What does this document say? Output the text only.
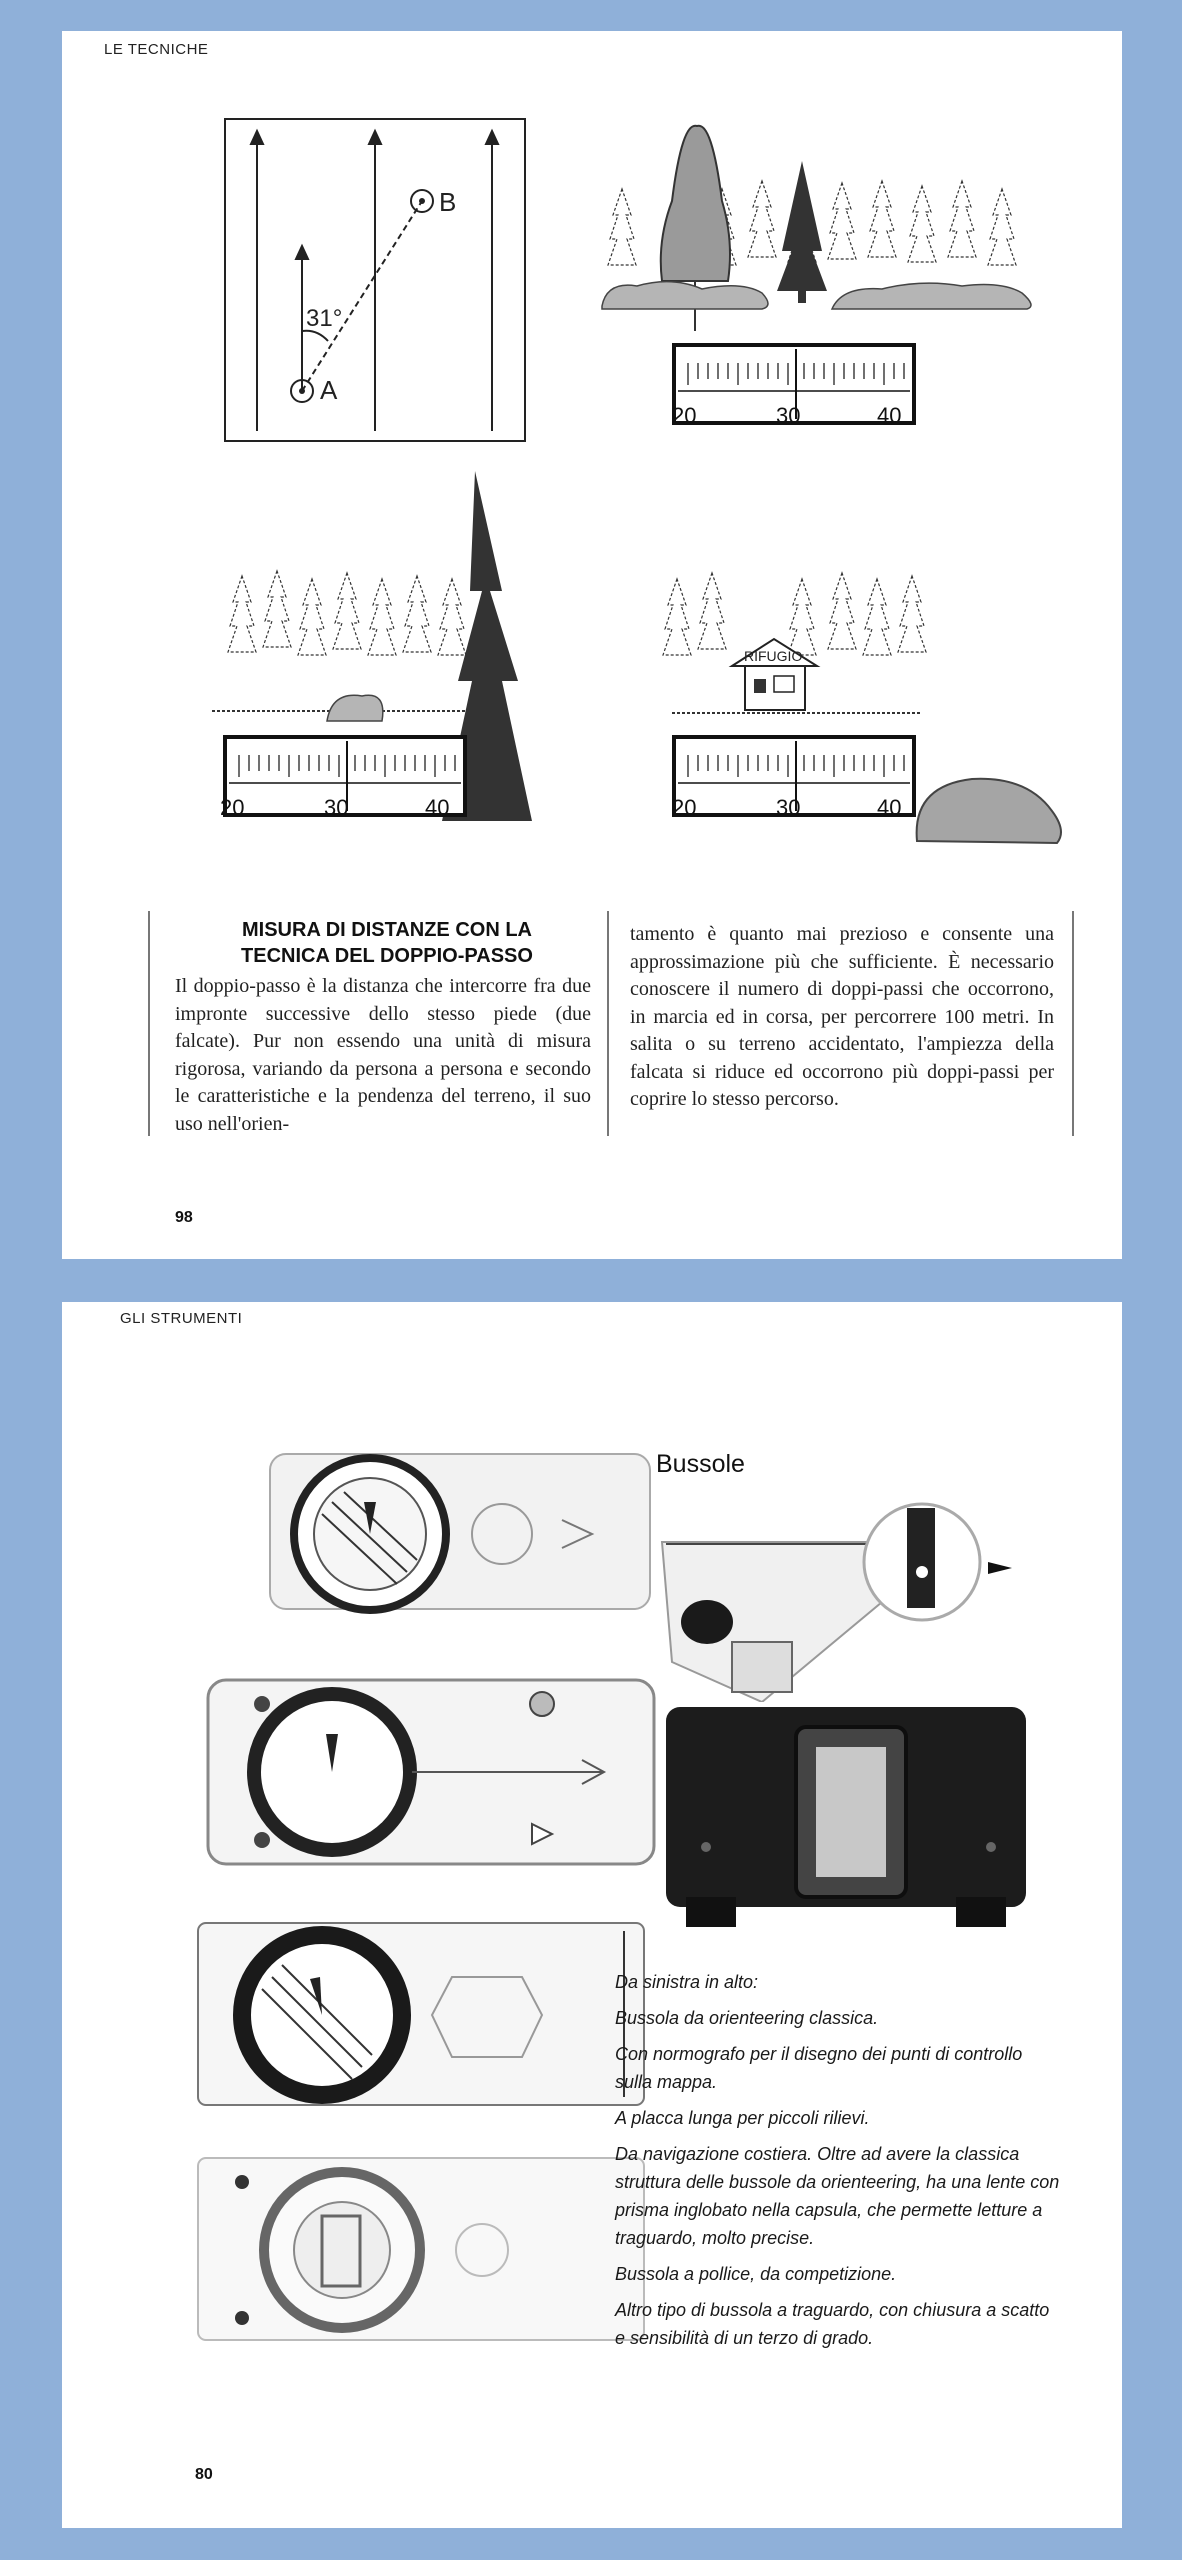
LE TECNICHE
A
B
31°
20	30	40
20	30	40
RIFUGIO
20	30	40
MISURA DI DISTANZE CON LA TECNICA DEL DOPPIO-PASSO
Il doppio-passo è la distanza che intercorre fra due impronte successive dello stesso piede (due falcate). Pur non essendo una unità di misura rigorosa, variando da persona a persona e secondo le caratteristiche e la pendenza del terreno, il suo uso nell'orien-
tamento è quanto mai prezioso e consente una approssimazione più che sufficiente. È necessario conoscere il numero di doppi-passi che occorrono, in marcia ed in corsa, per percorrere 100 metri. In salita o su terreno accidentato, l'ampiezza della falcata si riduce ed occorrono più doppi-passi per coprire lo stesso percorso.
98
GLI STRUMENTI
Bussole

Da sinistra in alto:

Bussola da orienteering classica.

Con normografo per il disegno dei punti di controllo sulla mappa.

A placca lunga per piccoli rilievi.

Da navigazione costiera. Oltre ad avere la classica struttura delle bussole da orienteering, ha una lente con prisma inglobato nella capsula, che permette letture a traguardo, molto precise.

Bussola a pollice, da competizione.

Altro tipo di bussola a traguardo, con chiusura a scatto e sensibilità di un terzo di grado.

80
